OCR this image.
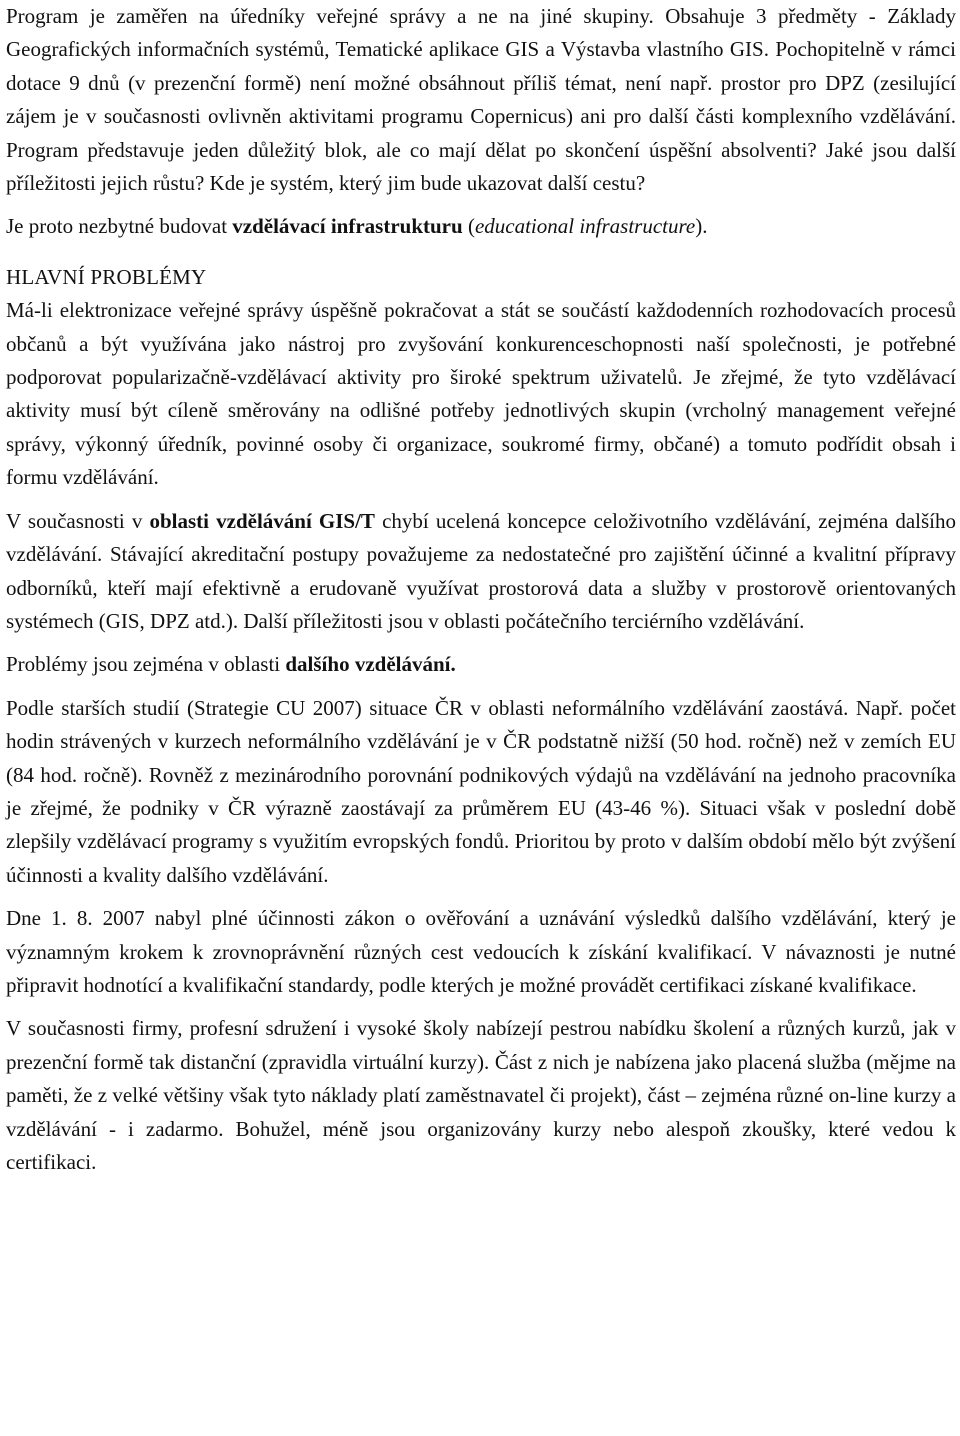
Program je zaměřen na úředníky veřejné správy a ne na jiné skupiny. Obsahuje 3 předměty - Základy Geografických informačních systémů, Tematické aplikace GIS a Výstavba vlastního GIS. Pochopitelně v rámci dotace 9 dnů (v prezenční formě) není možné obsáhnout příliš témat, není např. prostor pro DPZ (zesilující zájem je v současnosti ovlivněn aktivitami programu Copernicus) ani pro další části komplexního vzdělávání. Program představuje jeden důležitý blok, ale co mají dělat po skončení úspěšní absolventi? Jaké jsou další příležitosti jejich růstu? Kde je systém, který jim bude ukazovat další cestu?

Je proto nezbytné budovat vzdělávací infrastrukturu (educational infrastructure).

HLAVNÍ PROBLÉMY

Má-li elektronizace veřejné správy úspěšně pokračovat a stát se součástí každodenních rozhodovacích procesů občanů a být využívána jako nástroj pro zvyšování konkurenceschopnosti naší společnosti, je potřebné podporovat popularizačně-vzdělávací aktivity pro široké spektrum uživatelů. Je zřejmé, že tyto vzdělávací aktivity musí být cíleně směrovány na odlišné potřeby jednotlivých skupin (vrcholný management veřejné správy, výkonný úředník, povinné osoby či organizace, soukromé firmy, občané) a tomuto podřídit obsah i formu vzdělávání.

V současnosti v oblasti vzdělávání GIS/T chybí ucelená koncepce celoživotního vzdělávání, zejména dalšího vzdělávání. Stávající akreditační postupy považujeme za nedostatečné pro zajištění účinné a kvalitní přípravy odborníků, kteří mají efektivně a erudovaně využívat prostorová data a služby v prostorově orientovaných systémech (GIS, DPZ atd.). Další příležitosti jsou v oblasti počátečního terciérního vzdělávání.

Problémy jsou zejména v oblasti dalšího vzdělávání.

Podle starších studií (Strategie CU 2007) situace ČR v oblasti neformálního vzdělávání zaostává. Např. počet hodin strávených v kurzech neformálního vzdělávání je v ČR podstatně nižší (50 hod. ročně) než v zemích EU (84 hod. ročně). Rovněž z mezinárodního porovnání podnikových výdajů na vzdělávání na jednoho pracovníka je zřejmé, že podniky v ČR výrazně zaostávají za průměrem EU (43-46 %). Situaci však v poslední době zlepšily vzdělávací programy s využitím evropských fondů. Prioritou by proto v dalším období mělo být zvýšení účinnosti a kvality dalšího vzdělávání.

Dne 1. 8. 2007 nabyl plné účinnosti zákon o ověřování a uznávání výsledků dalšího vzdělávání, který je významným krokem k zrovnoprávnění různých cest vedoucích k získání kvalifikací. V návaznosti je nutné připravit hodnotící a kvalifikační standardy, podle kterých je možné provádět certifikaci získané kvalifikace.

V současnosti firmy, profesní sdružení i vysoké školy nabízejí pestrou nabídku školení a různých kurzů, jak v prezenční formě tak distanční (zpravidla virtuální kurzy). Část z nich je nabízena jako placená služba (mějme na paměti, že z velké většiny však tyto náklady platí zaměstnavatel či projekt), část – zejména různé on-line kurzy a vzdělávání - i zadarmo. Bohužel, méně jsou organizovány kurzy nebo alespoň zkoušky, které vedou k certifikaci.
